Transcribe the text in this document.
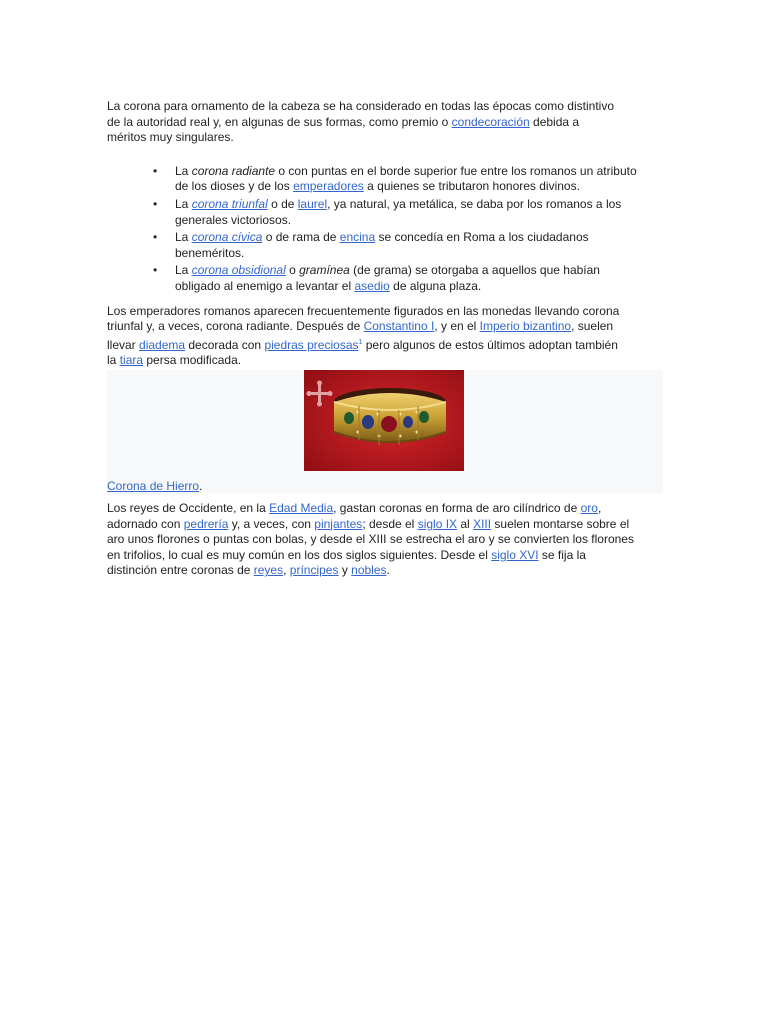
La corona para ornamento de la cabeza se ha considerado en todas las épocas como distintivo de la autoridad real y, en algunas de sus formas, como premio o condecoración debida a méritos muy singulares.

• La corona radiante o con puntas en el borde superior fue entre los romanos un atributo de los dioses y de los emperadores a quienes se tributaron honores divinos.
• La corona triunfal o de laurel, ya natural, ya metálica, se daba por los romanos a los generales victoriosos.
• La corona cívica o de rama de encina se concedía en Roma a los ciudadanos beneméritos.
• La corona obsidional o gramínea (de grama) se otorgaba a aquellos que habían obligado al enemigo a levantar el asedio de alguna plaza.

Los emperadores romanos aparecen frecuentemente figurados en las monedas llevando corona triunfal y, a veces, corona radiante. Después de Constantino I, y en el Imperio bizantino, suelen llevar diadema decorada con piedras preciosas$^1$ pero algunos de estos últimos adoptan también la tiara persa modificada.

Corona de Hierro.

Los reyes de Occidente, en la Edad Media, gastan coronas en forma de aro cilíndrico de oro, adornado con pedrería y, a veces, con pinjantes; desde el siglo IX al XIII suelen montarse sobre el aro unos florones o puntas con bolas, y desde el XIII se estrecha el aro y se convierten los florones en trifolios, lo cual es muy común en los dos siglos siguientes. Desde el siglo XVI se fija la distinción entre coronas de reyes, príncipes y nobles.
